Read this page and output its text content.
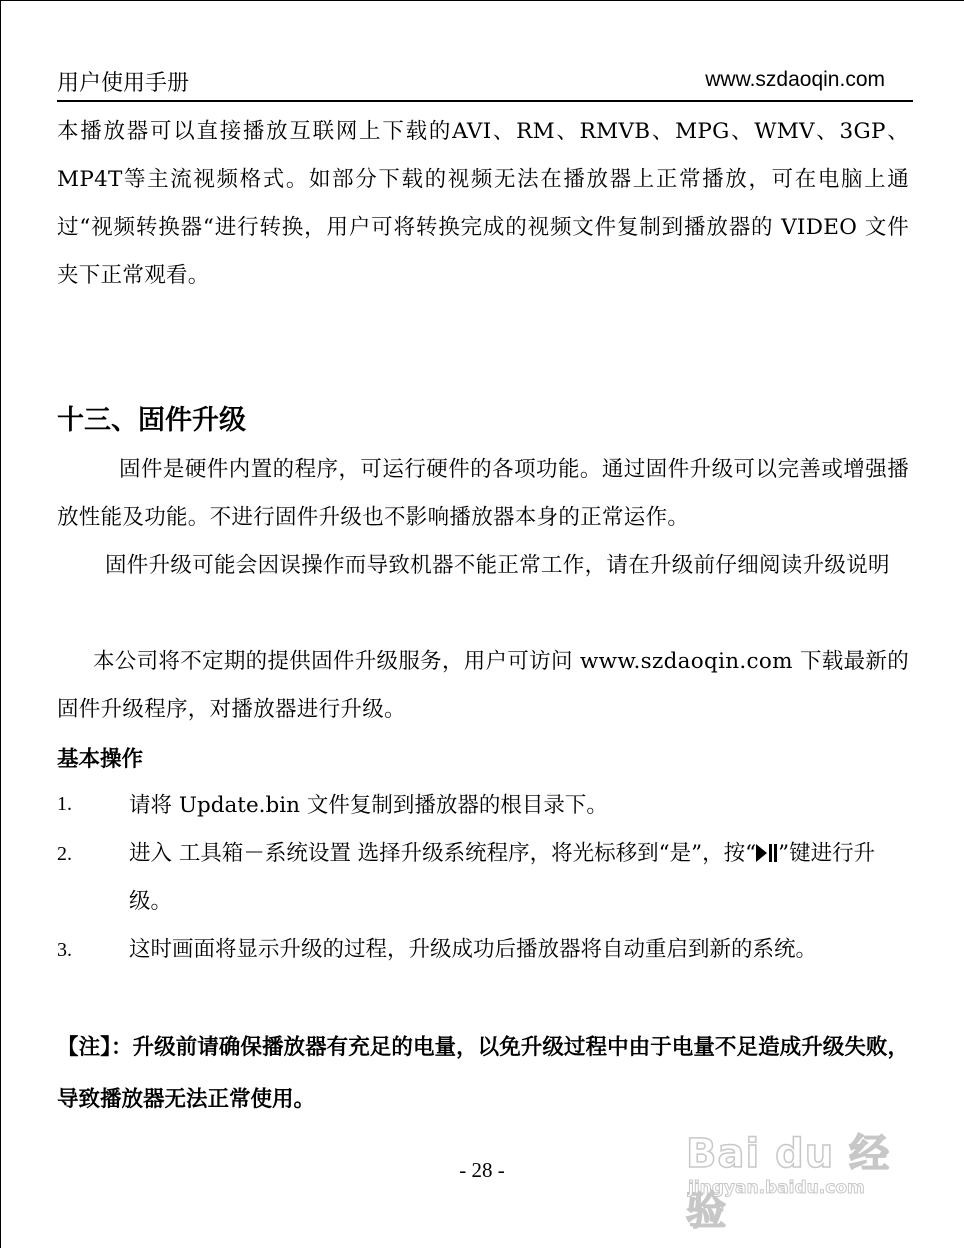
用户使用手册	www.szdaoqin.com
本播放器可以直接播放互联网上下载的AVI、RM、RMVB、MPG、WMV、3GP、MP4T等主流视频格式。如部分下载的视频无法在播放器上正常播放，可在电脑上通过“视频转换器“进行转换，用户可将转换完成的视频文件复制到播放器的 VIDEO 文件夹下正常观看。
十三、固件升级
固件是硬件内置的程序，可运行硬件的各项功能。通过固件升级可以完善或增强播放性能及功能。不进行固件升级也不影响播放器本身的正常运作。
固件升级可能会因误操作而导致机器不能正常工作，请在升级前仔细阅读升级说明
本公司将不定期的提供固件升级服务，用户可访问 www.szdaoqin.com 下载最新的固件升级程序，对播放器进行升级。
基本操作
1.	请将 Update.bin 文件复制到播放器的根目录下。
2.	进入 工具箱－系统设置 选择升级系统程序，将光标移到“是”，按“ ”键进行升级。
3.	这时画面将显示升级的过程，升级成功后播放器将自动重启到新的系统。
【注】：升级前请确保播放器有充足的电量，以免升级过程中由于电量不足造成升级失败，导致播放器无法正常使用。
- 28 -	Bai du 经验
jingyan.baidu.com
